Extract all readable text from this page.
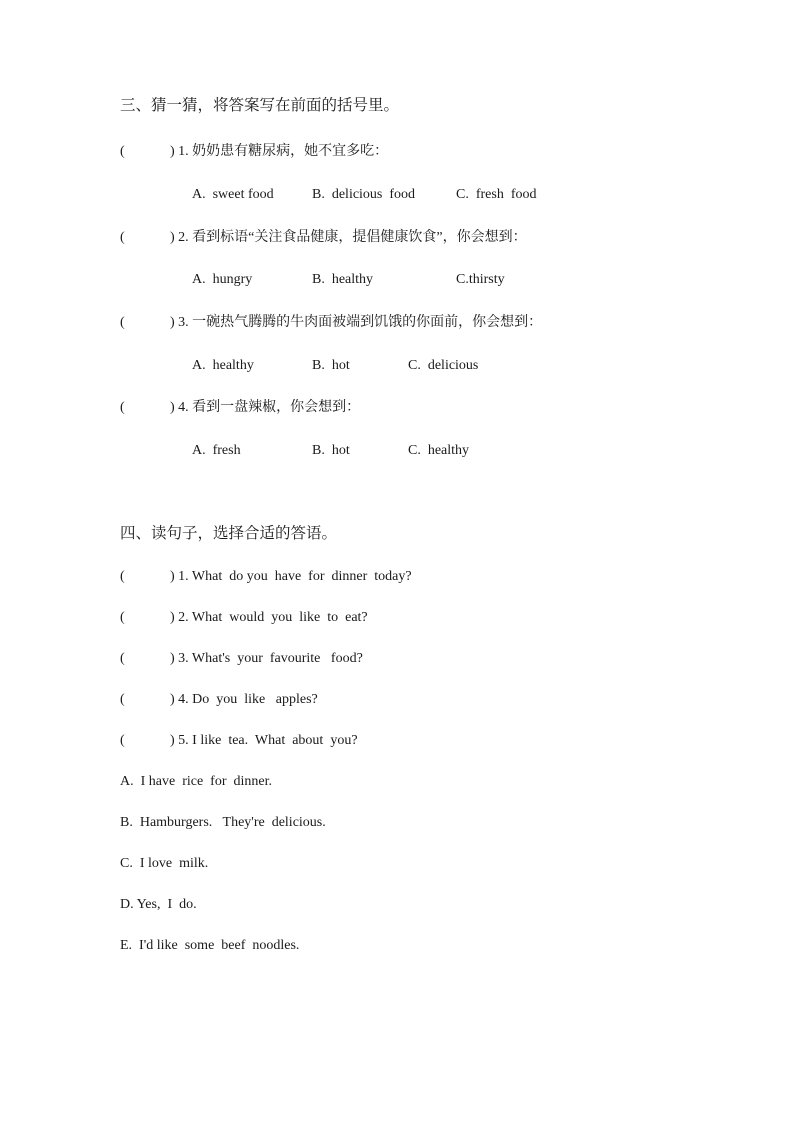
三、猜一猜，将答案写在前面的括号里。
(	) 1. 奶奶患有糖尿病，她不宜多吃：

A.  sweet food

	B.  delicious  food

	C.  fresh  food

(	) 2. 看到标语“关注食品健康，提倡健康饮食”，你会想到：

A.  hungry

	B.  healthy

	C.thirsty

(	) 3. 一碗热气腾腾的牛肉面被端到饥饿的你面前，你会想到：

A.  healthy

	B.  hot

	C.  delicious

(	) 4. 看到一盘辣椒，你会想到：

A.  fresh

	B.  hot

	C.  healthy

四、读句子，选择合适的答语。
(	) 1. What  do you  have  for  dinner  today?
(	) 2. What  would  you  like  to  eat?
(	) 3. What's  your  favourite   food?
(	) 4. Do  you  like   apples?
(	) 5. I like  tea.  What  about  you?
A.  I have  rice  for  dinner.
B.  Hamburgers.   They're  delicious.
C.  I love  milk.
D. Yes,  I  do.
E.  I'd like  some  beef  noodles.
